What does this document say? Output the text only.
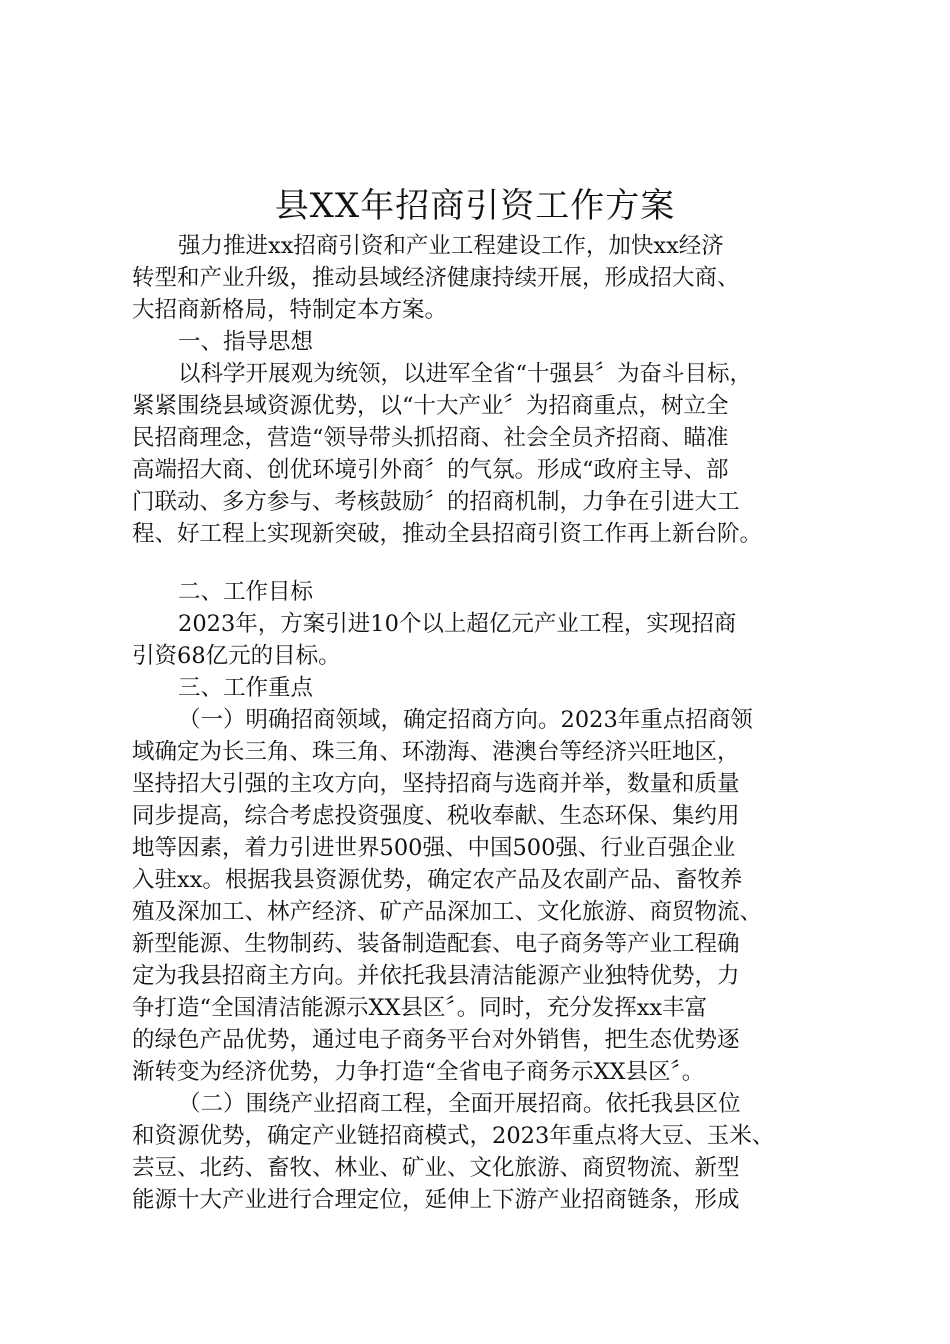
县XX年招商引资工作方案
强力推进xx招商引资和产业工程建设工作，加快xx经济
转型和产业升级，推动县域经济健康持续开展，形成招大商、
大招商新格局，特制定本方案。
一、指导思想
以科学开展观为统领，以进军全省“十强县〞为奋斗目标，
紧紧围绕县域资源优势，以“十大产业〞为招商重点，树立全
民招商理念，营造“领导带头抓招商、社会全员齐招商、瞄准
高端招大商、创优环境引外商〞的气氛。形成“政府主导、部
门联动、多方参与、考核鼓励〞的招商机制，力争在引进大工
程、好工程上实现新突破，推动全县招商引资工作再上新台阶。
二、工作目标
2023年，方案引进10个以上超亿元产业工程，实现招商
引资68亿元的目标。
三、工作重点
（一）明确招商领域，确定招商方向。2023年重点招商领
域确定为长三角、珠三角、环渤海、港澳台等经济兴旺地区，
坚持招大引强的主攻方向，坚持招商与选商并举，数量和质量
同步提高，综合考虑投资强度、税收奉献、生态环保、集约用
地等因素，着力引进世界500强、中国500强、行业百强企业
入驻xx。根据我县资源优势，确定农产品及农副产品、畜牧养
殖及深加工、林产经济、矿产品深加工、文化旅游、商贸物流、
新型能源、生物制药、装备制造配套、电子商务等产业工程确
定为我县招商主方向。并依托我县清洁能源产业独特优势，力
争打造“全国清洁能源示XX县区〞。同时，充分发挥xx丰富
的绿色产品优势，通过电子商务平台对外销售，把生态优势逐
渐转变为经济优势，力争打造“全省电子商务示XX县区〞。
（二）围绕产业招商工程，全面开展招商。依托我县区位
和资源优势，确定产业链招商模式，2023年重点将大豆、玉米、
芸豆、北药、畜牧、林业、矿业、文化旅游、商贸物流、新型
能源十大产业进行合理定位，延伸上下游产业招商链条，形成
